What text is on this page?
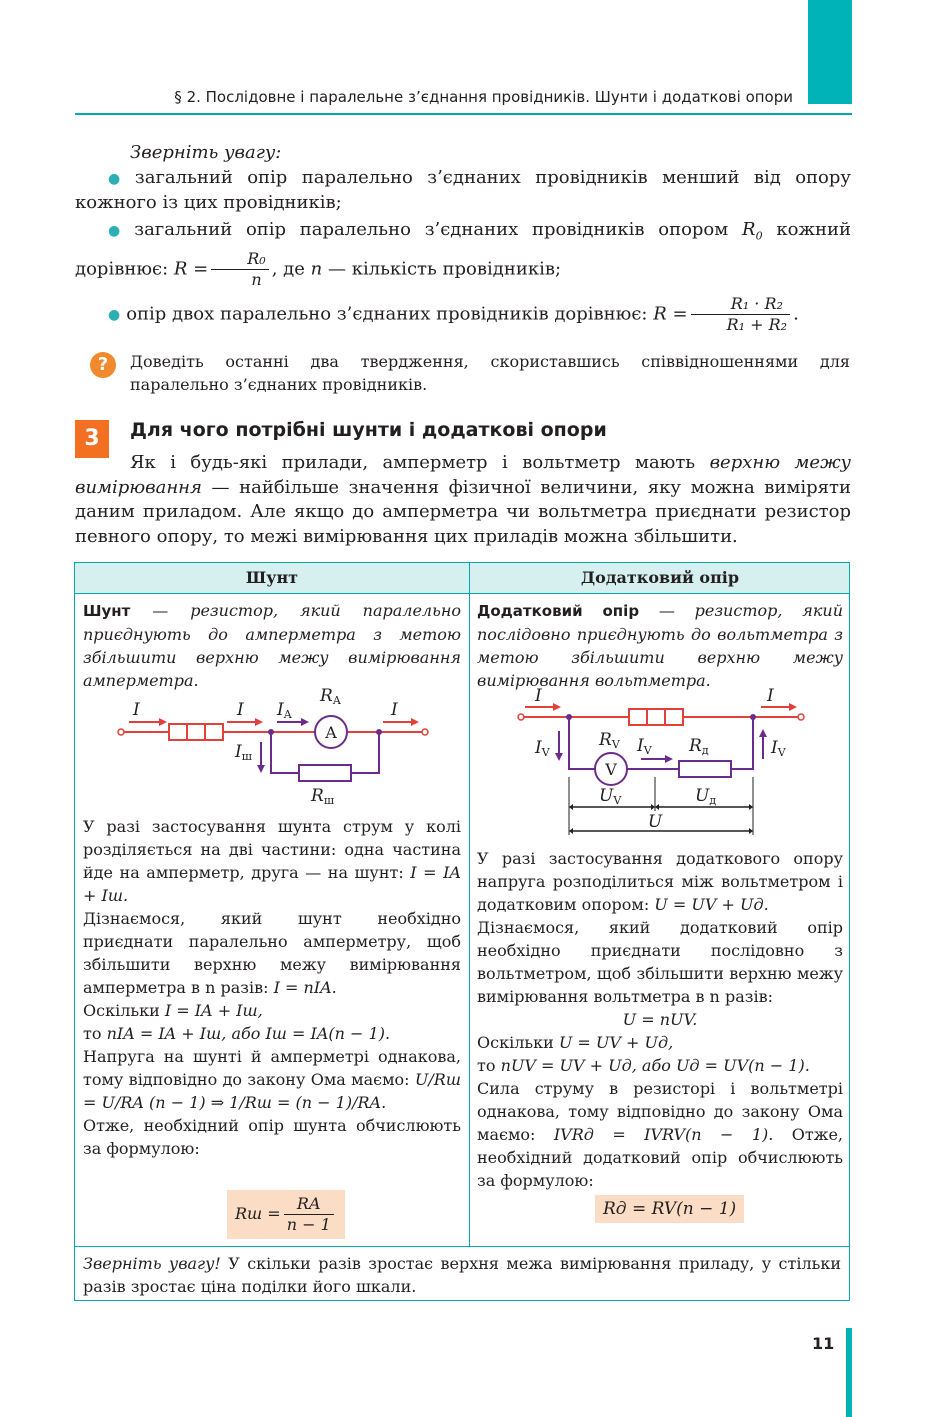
§ 2. Послідовне і паралельне з’єднання провідників. Шунти і додаткові опори

Зверніть увагу:

● загальний опір паралельно з’єднаних провідників менший від опору кожного із цих провідників;

● загальний опір паралельно з’єднаних провідників опором $R_0$ кожний дорівнює: $R = \frac{\text{R₀}}{n}$ , де n — кількість провідників;

● опір двох паралельно з’єднаних провідників дорівнює: $R = \frac{\text{R₁ · R₂}}{\text{R₁ + R₂}}$ .

?	Доведіть останні два твердження, скориставшись співвідношеннями для паралельно з’єднаних провідників.
3	Для чого потрібні шунти і додаткові опори

Як і будь-які прилади, амперметр і вольтметр мають верхню межу вимірювання — найбільше значення фізичної величини, яку можна виміряти даним приладом. Але якщо до амперметра чи вольтметра приєднати резистор певного опору, то межі вимірювання цих приладів можна збільшити.

Шунт	Додатковий опір
Шунт — резистор, який паралельно приєднують до амперметра з метою збільшити верхню межу вимірювання амперметра.
A
I	I	I
IA
RA
Iш
Rш
У разі застосування шунта струм у колі розділяється на дві частини: одна частина йде на амперметр, друга — на шунт: I = IA + Iш.
Дізнаємося, який шунт необхідно приєднати паралельно амперметру, щоб збільшити верхню межу вимірювання амперметра в n разів: I = nIA.
Оскільки I = IA + Iш,
то nIA = IA + Iш, або Iш = IA(n − 1).
Напруга на шунті й амперметрі однакова, тому відповідно до закону Ома маємо: U/Rш = U/RA (n − 1) ⇒ 1/Rш = (n − 1)/RA.
Отже, необхідний опір шунта обчислюють за формулою:
Rш = $\frac{RA}{n - 1}$
Додатковий опір — резистор, який послідовно приєднують до вольтметра з метою збільшити верхню межу вимірювання вольтметра.
V
I	I
IV	IV
IV
RV	Rд
UV	Uд
U
У разі застосування додаткового опору напруга розподілиться між вольтметром і додатковим опором: U = UV + Uд.
Дізнаємося, який додатковий опір необхідно приєднати послідовно з вольтметром, щоб збільшити верхню межу вимірювання вольтметра в n разів:

U = nUV.
Оскільки U = UV + Uд,
то nUV = UV + Uд, або Uд = UV(n − 1).
Сила струму в резисторі і вольтметрі однакова, тому відповідно до закону Ома маємо: IVRд = IVRV(n − 1). Отже, необхідний додатковий опір обчислюють за формулою:
Rд = RV(n − 1)
Зверніть увагу! У скільки разів зростає верхня межа вимірювання приладу, у стільки разів зростає ціна поділки його шкали.
11
